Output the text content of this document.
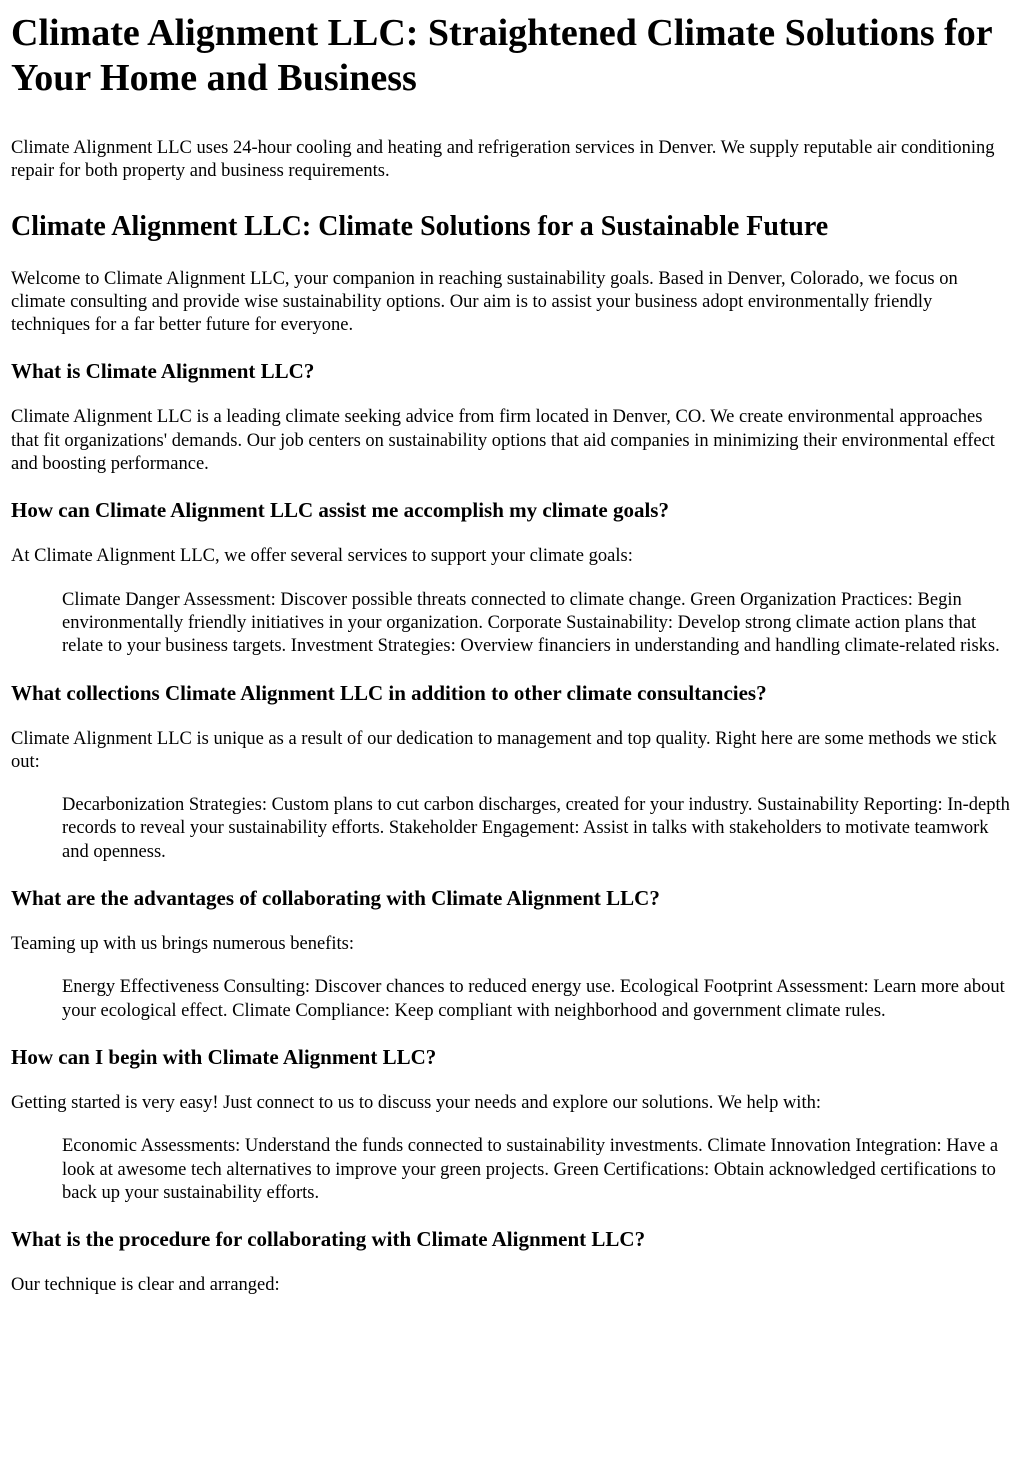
Climate Alignment LLC: Straightened Climate Solutions for Your Home and Business

Climate Alignment LLC uses 24-hour cooling and heating and refrigeration services in Denver. We supply reputable air conditioning repair for both property and business requirements.

Climate Alignment LLC: Climate Solutions for a Sustainable Future

Welcome to Climate Alignment LLC, your companion in reaching sustainability goals. Based in Denver, Colorado, we focus on climate consulting and provide wise sustainability options. Our aim is to assist your business adopt environmentally friendly techniques for a far better future for everyone.

What is Climate Alignment LLC?

Climate Alignment LLC is a leading climate seeking advice from firm located in Denver, CO. We create environmental approaches that fit organizations' demands. Our job centers on sustainability options that aid companies in minimizing their environmental effect and boosting performance.

How can Climate Alignment LLC assist me accomplish my climate goals?

At Climate Alignment LLC, we offer several services to support your climate goals:

Climate Danger Assessment: Discover possible threats connected to climate change. Green Organization Practices: Begin environmentally friendly initiatives in your organization. Corporate Sustainability: Develop strong climate action plans that relate to your business targets. Investment Strategies: Overview financiers in understanding and handling climate-related risks.
What collections Climate Alignment LLC in addition to other climate consultancies?

Climate Alignment LLC is unique as a result of our dedication to management and top quality. Right here are some methods we stick out:

Decarbonization Strategies: Custom plans to cut carbon discharges, created for your industry. Sustainability Reporting: In-depth records to reveal your sustainability efforts. Stakeholder Engagement: Assist in talks with stakeholders to motivate teamwork and openness.
What are the advantages of collaborating with Climate Alignment LLC?

Teaming up with us brings numerous benefits:

Energy Effectiveness Consulting: Discover chances to reduced energy use. Ecological Footprint Assessment: Learn more about your ecological effect. Climate Compliance: Keep compliant with neighborhood and government climate rules.
How can I begin with Climate Alignment LLC?

Getting started is very easy! Just connect to us to discuss your needs and explore our solutions. We help with:

Economic Assessments: Understand the funds connected to sustainability investments. Climate Innovation Integration: Have a look at awesome tech alternatives to improve your green projects. Green Certifications: Obtain acknowledged certifications to back up your sustainability efforts.
What is the procedure for collaborating with Climate Alignment LLC?

Our technique is clear and arranged:
